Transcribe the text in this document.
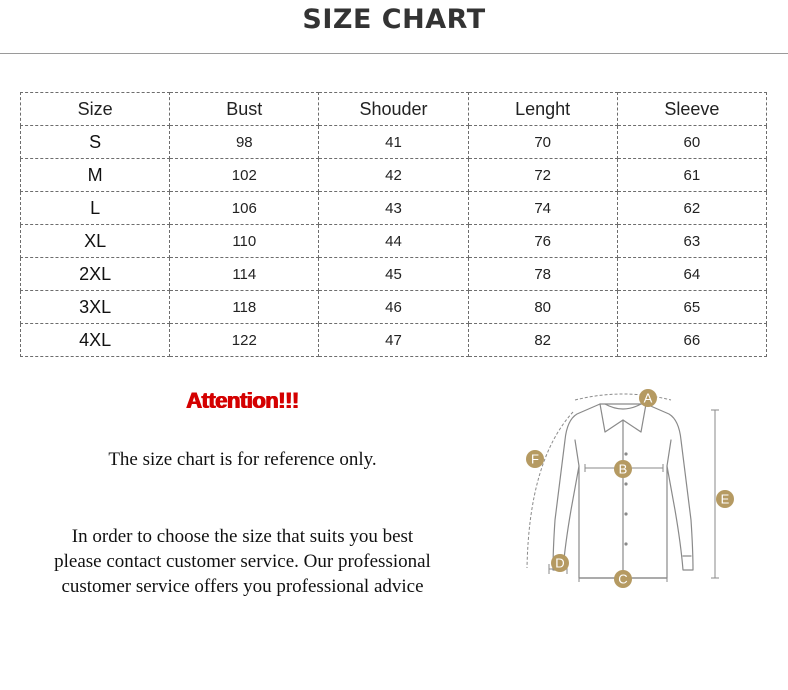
SIZE CHART
Size	Bust	Shouder	Lenght	Sleeve
S	98	41	70	60
M	102	42	72	61
L	106	43	74	62
XL	110	44	76	63
2XL	114	45	78	64
3XL	118	46	80	65
4XL	122	47	82	66
Attention!!!
The size chart is for reference only.
In order to choose the size that suits you best
please contact customer service. Our professional
customer service offers you professional advice
A
B
C
D
E
F
